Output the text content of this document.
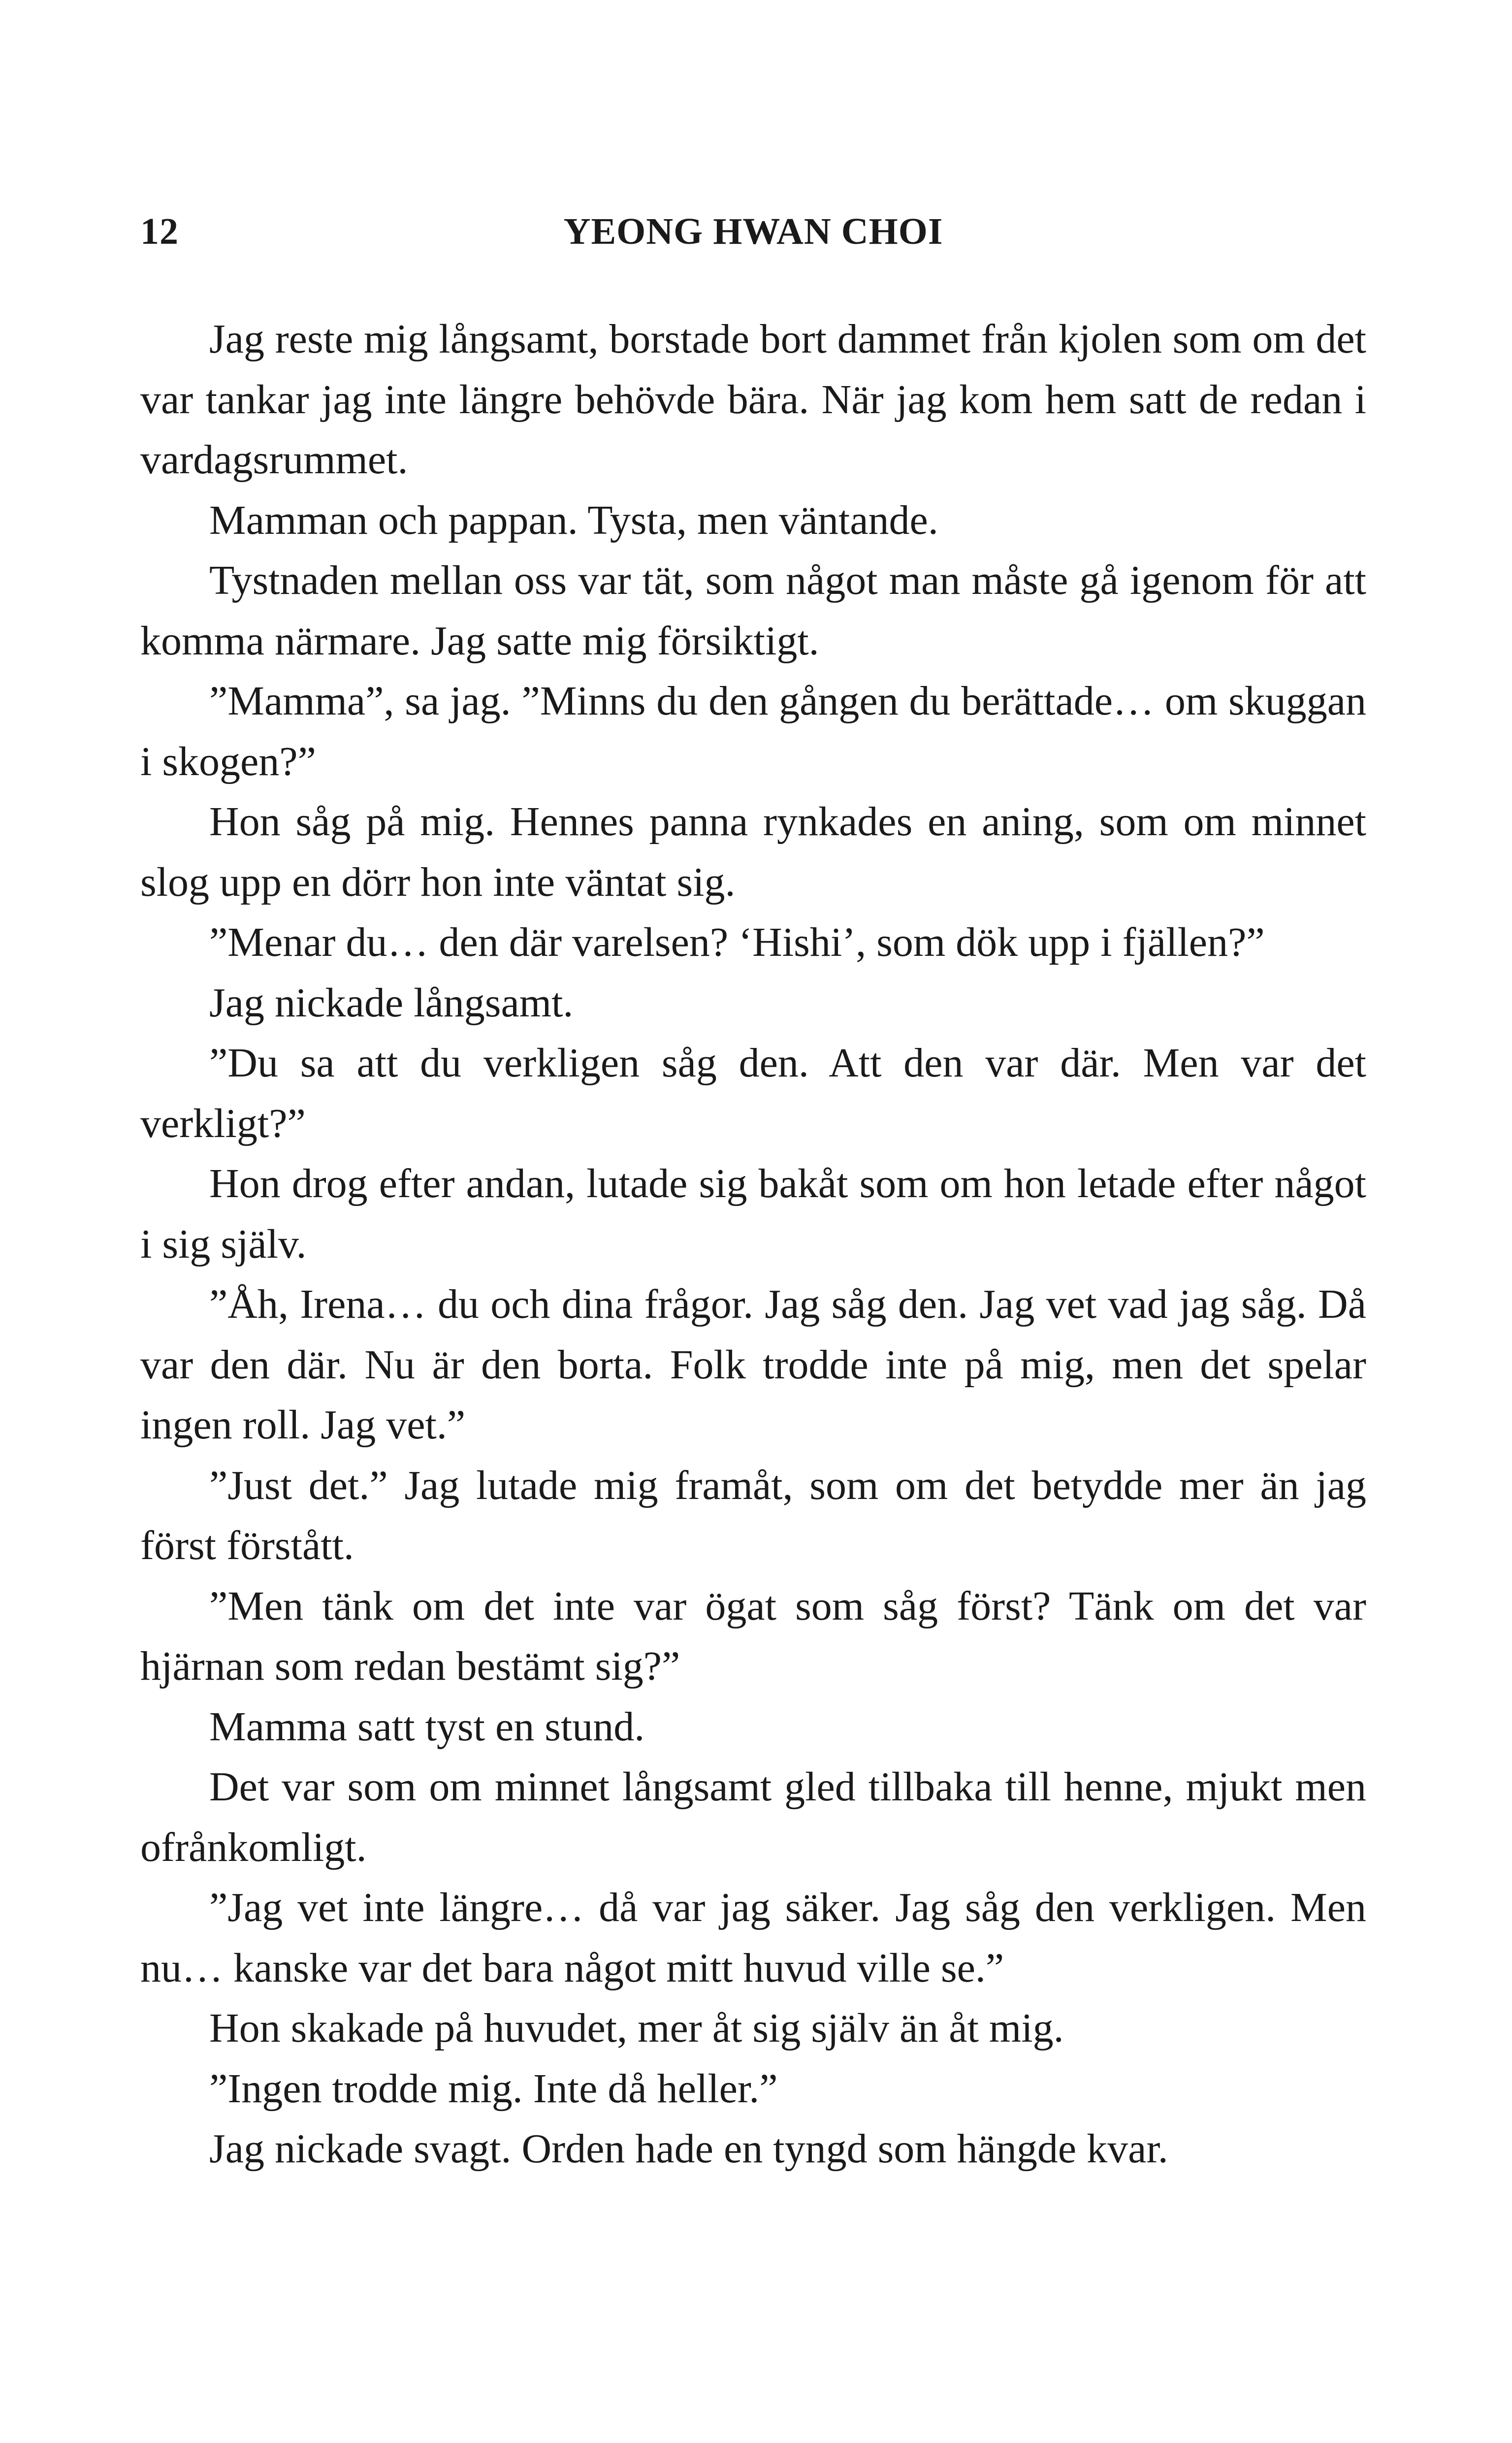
12	YEONG HWAN CHOI

Jag reste mig långsamt, borstade bort dammet från kjolen som om det var tankar jag inte längre behövde bära. När jag kom hem satt de redan i vardagsrummet.

Mamman och pappan. Tysta, men väntande.

Tystnaden mellan oss var tät, som något man måste gå igenom för att komma närmare. Jag satte mig försiktigt.

”Mamma”, sa jag. ”Minns du den gången du berättade… om skuggan i skogen?”

Hon såg på mig. Hennes panna rynkades en aning, som om minnet slog upp en dörr hon inte väntat sig.

”Menar du… den där varelsen? ‘Hishi’, som dök upp i fjällen?”

Jag nickade långsamt.

”Du sa att du verkligen såg den. Att den var där. Men var det verkligt?”

Hon drog efter andan, lutade sig bakåt som om hon letade efter något i sig själv.

”Åh, Irena… du och dina frågor. Jag såg den. Jag vet vad jag såg. Då var den där. Nu är den borta. Folk trodde inte på mig, men det spelar ingen roll. Jag vet.”

”Just det.” Jag lutade mig framåt, som om det betydde mer än jag först förstått.

”Men tänk om det inte var ögat som såg först? Tänk om det var hjärnan som redan bestämt sig?”

Mamma satt tyst en stund.

Det var som om minnet långsamt gled tillbaka till henne, mjukt men ofrånkomligt.

”Jag vet inte längre… då var jag säker. Jag såg den verkligen. Men nu… kanske var det bara något mitt huvud ville se.”

Hon skakade på huvudet, mer åt sig själv än åt mig.

”Ingen trodde mig. Inte då heller.”

Jag nickade svagt. Orden hade en tyngd som hängde kvar.
